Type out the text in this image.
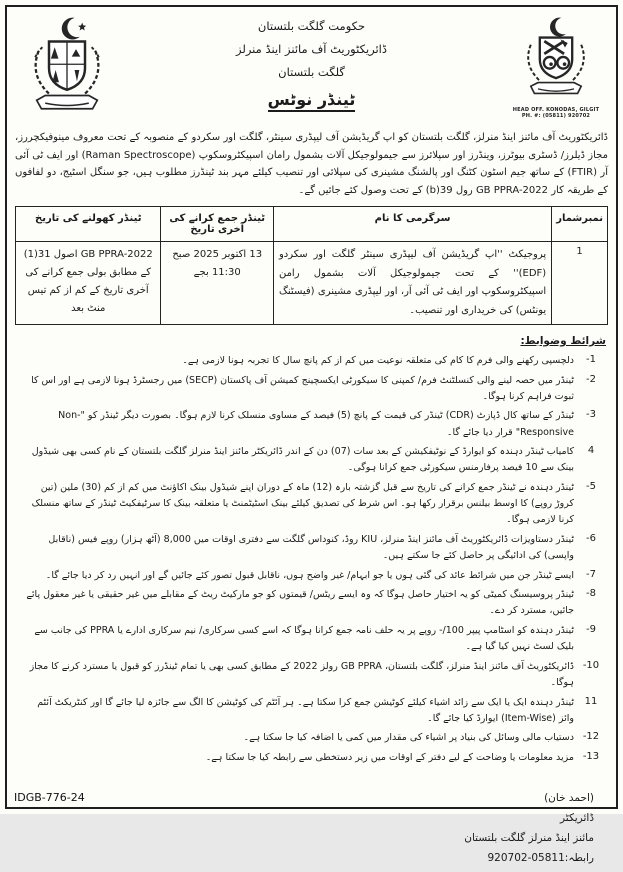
حکومت گلگت بلتستان
ڈائریکٹوریٹ آف مائنز اینڈ منرلز
گلگت بلتستان
ٹینڈر نوٹس
HEAD OFF. KONODAS, GILGIT
PH. #: (05811) 920702
ڈائریکٹوریٹ آف مائنز اینڈ منرلز، گلگت بلتستان کو اپ گریڈیشن آف لیپڈری سینٹر، گلگت اور سکردو کے منصوبہ کے تحت معروف مینوفیکچررز، مجاز ڈیلرز/ ڈسٹری بیوٹرز، وینڈرز اور سپلائرز سے جیمولوجیکل آلات بشمول رامان اسپیکٹروسکوپ (Raman Spectroscope) اور ایف ٹی آئی آر (FTIR) کے ساتھ جیم اسٹون کٹنگ اور پالشنگ مشینری کی سپلائی اور تنصیب کیلئے مہر بند ٹینڈرز مطلوب ہیں، جو سنگل اسٹیج، دو لفافوں کے طریقہ کار GB PPRA-2022 رول 39(b) کے تحت وصول کئے جائیں گے۔
نمبرشمار	سرگرمی کا نام	ٹینڈر جمع کرانے کی آخری تاریخ	ٹینڈر کھولنے کی تاریخ
1	پروجیکٹ ''اپ گریڈیشن آف لیپڈری سینٹر گلگت اور سکردو (EDF)'' کے تحت جیمولوجیکل آلات بشمول رامن اسپیکٹروسکوپ اور ایف ٹی آئی آر، اور لیپڈری مشینری (فیسٹنگ یونٹس) کی خریداری اور تنصیب۔	13 اکتوبر 2025 صبح 11:30 بجے	GB PPRA-2022 اصول 31(1) کے مطابق بولی جمع کرانے کی آخری تاریخ کے کم از کم تیس منٹ بعد
شرائط وضوابط:
-1
دلچسپی رکھنے والی فرم کا کام کی متعلقہ نوعیت میں کم از کم پانچ سال کا تجربہ ہونا لازمی ہے۔
-2
ٹینڈر میں حصہ لینے والی کنسلٹنٹ فرم/ کمپنی کا سیکورٹی ایکسچینج کمیشن آف پاکستان (SECP) میں رجسٹرڈ ہونا لازمی ہے اور اس کا ثبوت فراہم کرنا ہوگا۔
-3
ٹینڈر کے ساتھ کال ڈپازٹ (CDR) ٹینڈر کی قیمت کے پانچ (5) فیصد کے مساوی منسلک کرنا لازم ہوگا۔ بصورت دیگر ٹینڈر کو "Non-Responsive" قرار دیا جائے گا۔
4
کامیاب ٹینڈر دہندہ کو ایوارڈ کے نوٹیفکیشن کے بعد سات (07) دن کے اندر ڈائریکٹر مائنز اینڈ منرلز گلگت بلتستان کے نام کسی بھی شیڈول بینک سے 10 فیصد پرفارمنس سیکورٹی جمع کرانا ہوگی۔
-5
ٹینڈر دہندہ نے ٹینڈر جمع کرانے کی تاریخ سے قبل گزشتہ بارہ (12) ماہ کے دوران اپنے شیڈول بینک اکاؤنٹ میں کم از کم (30) ملین (تین کروڑ روپے) کا اوسط بیلنس برقرار رکھا ہو۔ اس شرط کی تصدیق کیلئے بینک اسٹیٹمنٹ یا متعلقہ بینک کا سرٹیفکیٹ ٹینڈر کے ساتھ منسلک کرنا لازمی ہوگا۔
-6
ٹینڈر دستاویزات ڈائریکٹوریٹ آف مائنز اینڈ منرلز، KIU روڈ، کنوداس گلگت سے دفتری اوقات میں 8,000 (آٹھ ہزار) روپے فیس (ناقابل واپسی) کی ادائیگی پر حاصل کئے جا سکتے ہیں۔
-7
ایسے ٹینڈر جن میں شرائط عائد کی گئی ہوں یا جو ابہام/ غیر واضح ہوں، ناقابل قبول تصور کئے جائیں گے اور انہیں رد کر دیا جائے گا۔
-8
ٹینڈر پروسیسنگ کمیٹی کو یہ اختیار حاصل ہوگا کہ وہ ایسے ریٹس/ قیمتوں کو جو مارکیٹ ریٹ کے مقابلے میں غیر حقیقی یا غیر معقول پائے جائیں، مسترد کر دے۔
-9
ٹینڈر دہندہ کو اسٹامپ پیپر 100/- روپے پر یہ حلف نامہ جمع کرانا ہوگا کہ اسے کسی سرکاری/ نیم سرکاری ادارے یا PPRA کی جانب سے بلیک لسٹ نہیں کیا گیا ہے۔
-10
ڈائریکٹوریٹ آف مائنز اینڈ منرلز، گلگت بلتستان، GB PPRA رولز 2022 کے مطابق کسی بھی یا تمام ٹینڈرز کو قبول یا مسترد کرنے کا مجاز ہوگا۔
11
ٹینڈر دہندہ ایک یا ایک سے زائد اشیاء کیلئے کوٹیشن جمع کرا سکتا ہے۔ ہر آئٹم کی کوٹیشن کا الگ سے جائزہ لیا جائے گا اور کنٹریکٹ آئٹم وائز (Item-Wise) ایوارڈ کیا جائے گا۔
-12
دستیاب مالی وسائل کی بنیاد پر اشیاء کی مقدار میں کمی یا اضافہ کیا جا سکتا ہے۔
-13
مزید معلومات یا وضاحت کے لیے دفتر کے اوقات میں زیر دستخطی سے رابطہ کیا جا سکتا ہے۔
(احمد خان)
ڈائریکٹر
مائنز اینڈ منرلز گلگت بلتستان
رابطہ:05811-920702
IDGB-776-24
